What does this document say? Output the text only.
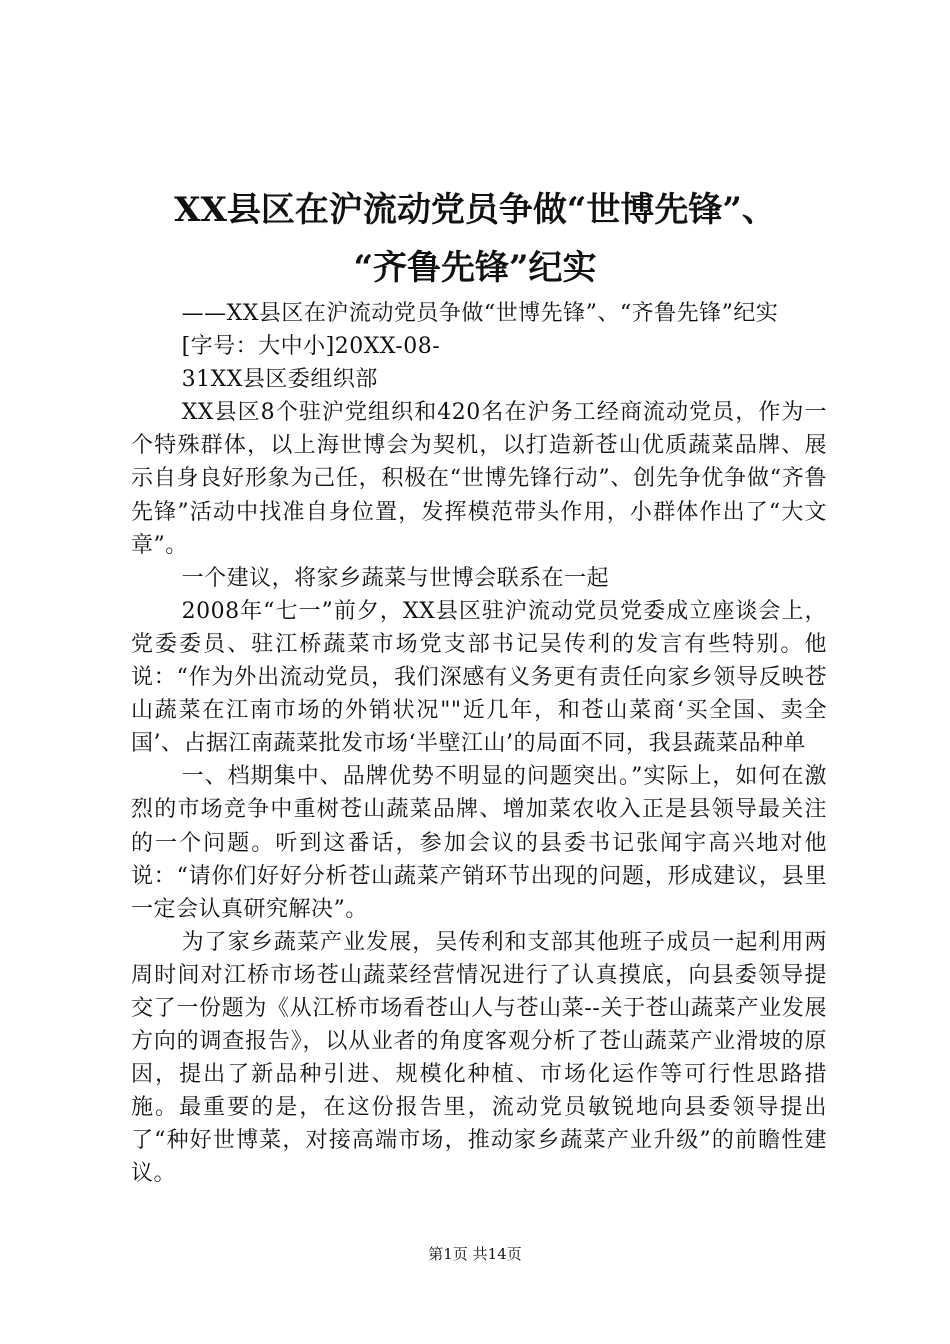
XX县区在沪流动党员争做“世博先锋”、
“齐鲁先锋”纪实

——XX县区在沪流动党员争做“世博先锋”、“齐鲁先锋”纪实

[字号：大中小]20XX-08-

31XX县区委组织部

XX县区8个驻沪党组织和420名在沪务工经商流动党员，作为一个特殊群体，以上海世博会为契机，以打造新苍山优质蔬菜品牌、展示自身良好形象为己任，积极在“世博先锋行动”、创先争优争做“齐鲁先锋”活动中找准自身位置，发挥模范带头作用，小群体作出了“大文章”。

一个建议，将家乡蔬菜与世博会联系在一起

2008年“七一”前夕，XX县区驻沪流动党员党委成立座谈会上，党委委员、驻江桥蔬菜市场党支部书记吴传利的发言有些特别。他说：“作为外出流动党员，我们深感有义务更有责任向家乡领导反映苍山蔬菜在江南市场的外销状况""近几年，和苍山菜商‘买全国、卖全国’、占据江南蔬菜批发市场‘半壁江山’的局面不同，我县蔬菜品种单

一、档期集中、品牌优势不明显的问题突出。”实际上，如何在激烈的市场竞争中重树苍山蔬菜品牌、增加菜农收入正是县领导最关注的一个问题。听到这番话，参加会议的县委书记张闻宇高兴地对他说：“请你们好好分析苍山蔬菜产销环节出现的问题，形成建议，县里一定会认真研究解决”。

为了家乡蔬菜产业发展，吴传利和支部其他班子成员一起利用两周时间对江桥市场苍山蔬菜经营情况进行了认真摸底，向县委领导提交了一份题为《从江桥市场看苍山人与苍山菜--关于苍山蔬菜产业发展方向的调查报告》，以从业者的角度客观分析了苍山蔬菜产业滑坡的原因，提出了新品种引进、规模化种植、市场化运作等可行性思路措施。最重要的是，在这份报告里，流动党员敏锐地向县委领导提出了“种好世博菜，对接高端市场，推动家乡蔬菜产业升级”的前瞻性建议。

第1页 共14页
